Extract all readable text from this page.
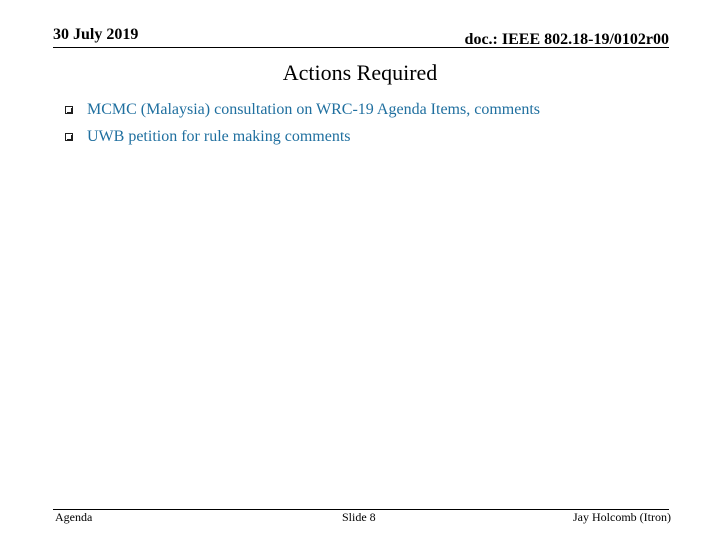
30 July 2019	doc.: IEEE 802.18-19/0102r00
Actions Required
MCMC (Malaysia) consultation on WRC-19 Agenda Items, comments
UWB petition for rule making comments
Agenda	Slide 8	Jay Holcomb (Itron)
